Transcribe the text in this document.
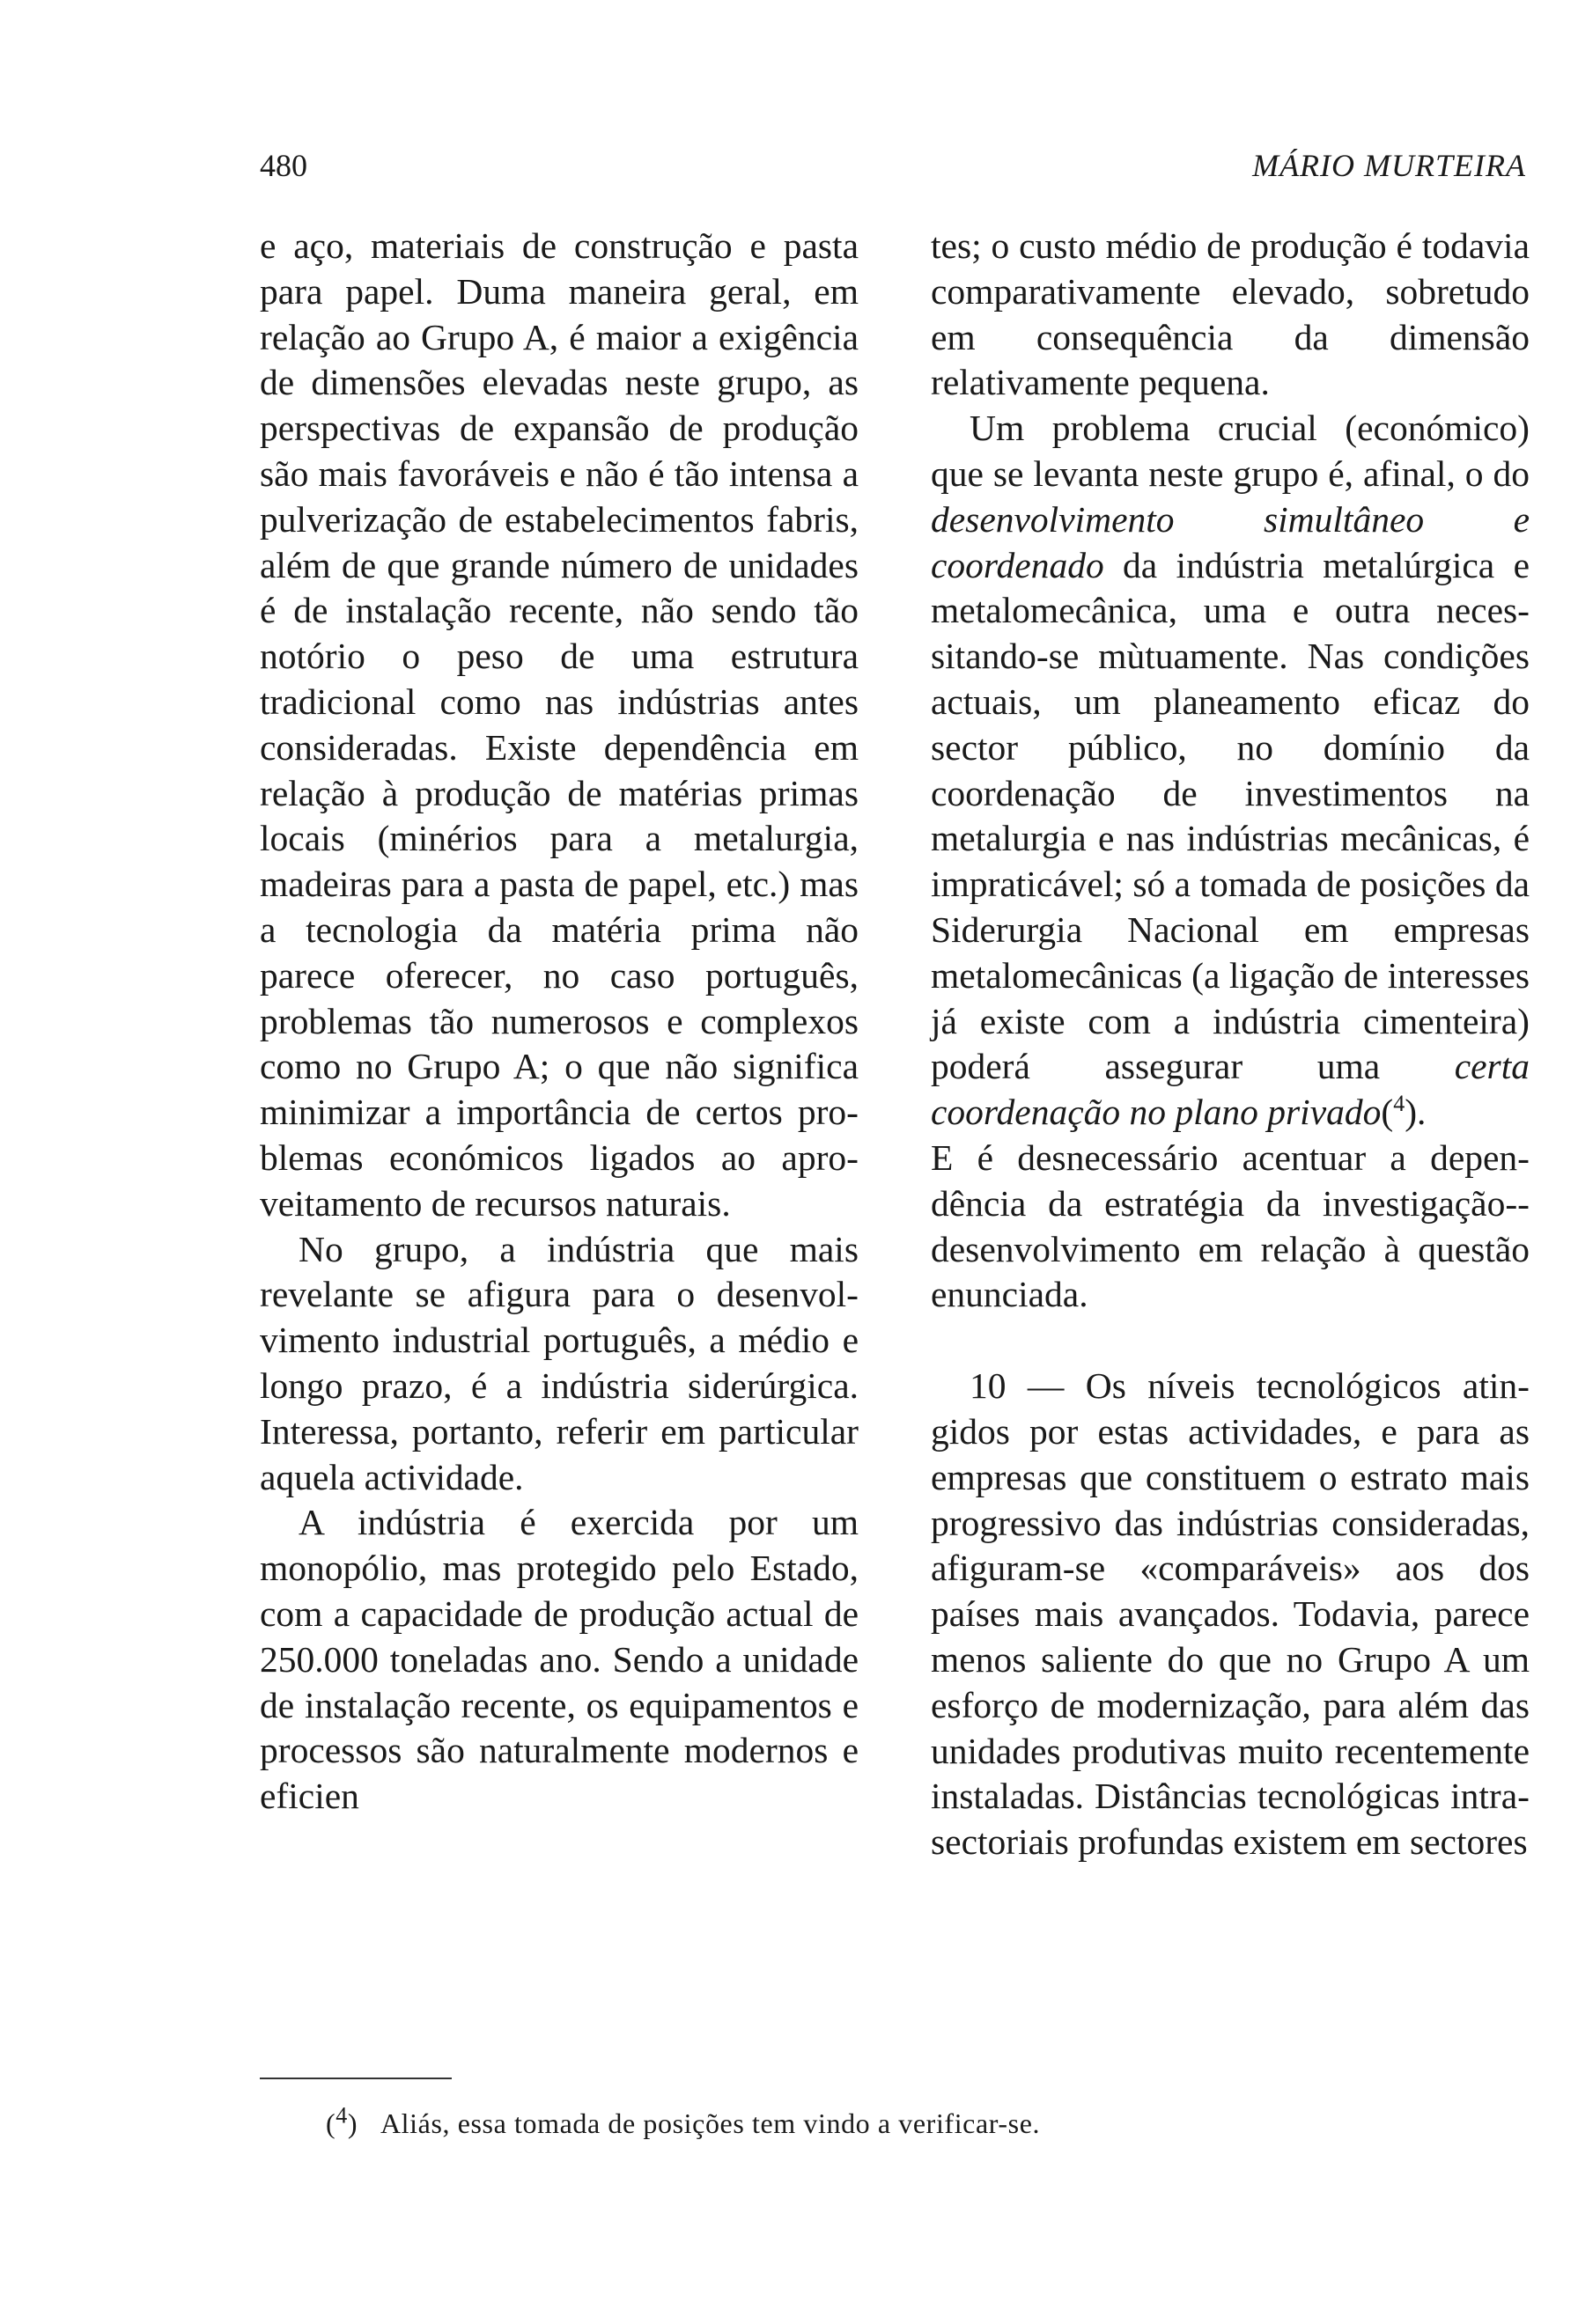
480	MÁRIO MURTEIRA

e aço, materiais de construção e pasta para papel. Duma maneira geral, em relação ao Grupo A, é maior a exigência de dimensões elevadas neste grupo, as perspectivas de expansão de produção são mais favoráveis e não é tão intensa a pulverização de estabelecimentos fabris, além de que grande número de unidades é de instalação recente, não sendo tão notório o peso de uma estrutura tradicional como nas indústrias antes consideradas. Existe dependência em relação à produção de matérias primas locais (minérios para a metalurgia, madeiras para a pasta de papel, etc.) mas a tecnologia da matéria prima não parece oferecer, no caso português, problemas tão numerosos e complexos como no Grupo A; o que não significa minimizar a importância de certos problemas económicos ligados ao aproveitamento de recursos naturais.

No grupo, a indústria que mais revelante se afigura para o desenvolvimento industrial português, a médio e longo prazo, é a indústria siderúrgica. Interessa, portanto, referir em particular aquela actividade.

A indústria é exercida por um monopólio, mas protegido pelo Estado, com a capacidade de produção actual de 250.000 toneladas ano. Sendo a unidade de instalação recente, os equipamentos e processos são naturalmente modernos e eficien

tes; o custo médio de produção é todavia comparativamente elevado, sobretudo em consequência da dimensão relativamente pequena.

Um problema crucial (económico) que se levanta neste grupo é, afinal, o do desenvolvimento simultâneo e coordenado da indústria metalúrgica e metalomecânica, uma e outra necessitando-se mùtuamente. Nas condições actuais, um planeamento eficaz do sector público, no domínio da coordenação de investimentos na metalurgia e nas indústrias mecânicas, é impraticável; só a tomada de posições da Siderurgia Nacional em empresas metalomecânicas (a ligação de interesses já existe com a indústria cimenteira) poderá assegurar uma certa coordenação no plano privado($^4$).

E é desnecessário acentuar a dependência da estratégia da investigação--desenvolvimento em relação à questão enunciada.

10 — Os níveis tecnológicos atingidos por estas actividades, e para as empresas que constituem o estrato mais progressivo das indústrias consideradas, afiguram-se «comparáveis» aos dos países mais avançados. Todavia, parece menos saliente do que no Grupo A um esforço de modernização, para além das unidades produtivas muito recentemente instaladas. Distâncias tecnológicas intra-sectoriais profundas existem em sectores

($^4$) Aliás, essa tomada de posições tem vindo a verificar-se.
